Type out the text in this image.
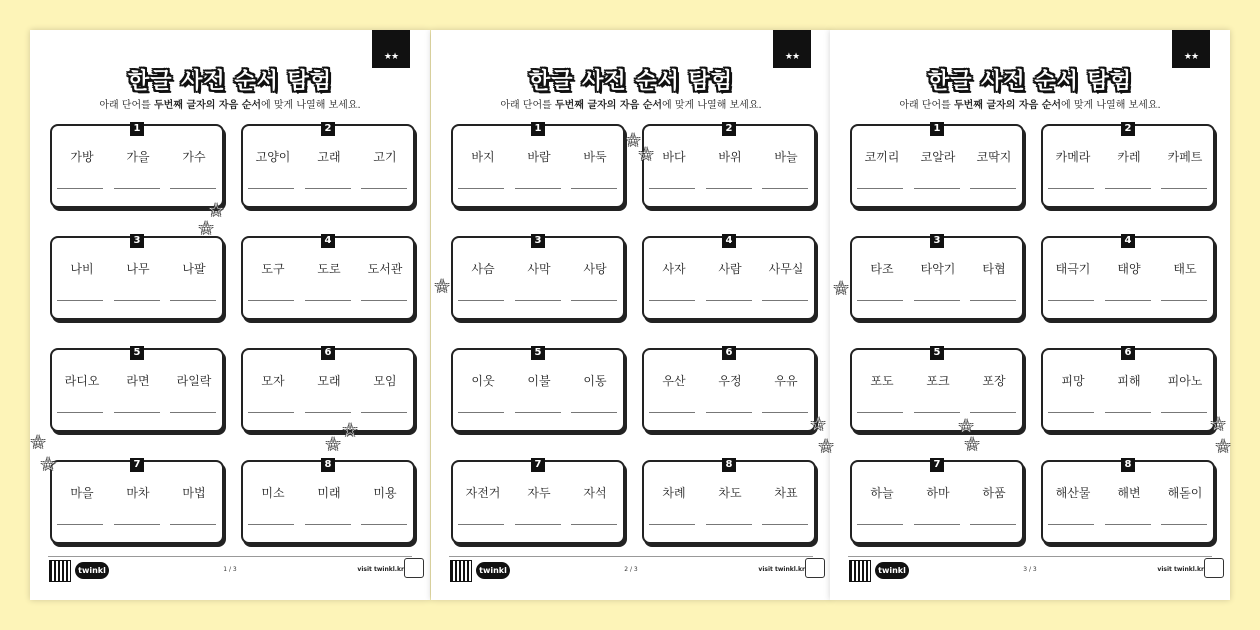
★★
한글 사전 순서 탐험
아래 단어를 두번째 글자의 자음 순서에 맞게 나열해 보세요.
1
가방	가을	가수
2
고양이	고래	고기
3
나비	나무	나팔
4
도구	도로	도서관
5
라디오	라면	라일락
6
모자	모래	모임
7
마을	마차	마법
8
미소	미래	미용
twinkl	1 / 3	visit twinkl.kr
★★
한글 사전 순서 탐험
아래 단어를 두번째 글자의 자음 순서에 맞게 나열해 보세요.
1
바지	바람	바둑
2
바다	바위	바늘
3
사슴	사막	사탕
4
사자	사람	사무실
5
이웃	이불	이동
6
우산	우정	우유
7
자전거	자두	자석
8
차례	차도	차표
twinkl	2 / 3	visit twinkl.kr
★★
한글 사전 순서 탐험
아래 단어를 두번째 글자의 자음 순서에 맞게 나열해 보세요.
1
코끼리	코알라	코딱지
2
카메라	카레	카페트
3
타조	타악기	타협
4
태극기	태양	태도
5
포도	포크	포장
6
피망	피해	피아노
7
하늘	하마	하품
8
해산물	해변	해돋이
twinkl	3 / 3	visit twinkl.kr
☆
☆
☆
☆
☆
☆
☆
☆
☆
☆
☆
☆
☆
☆
☆
☆
